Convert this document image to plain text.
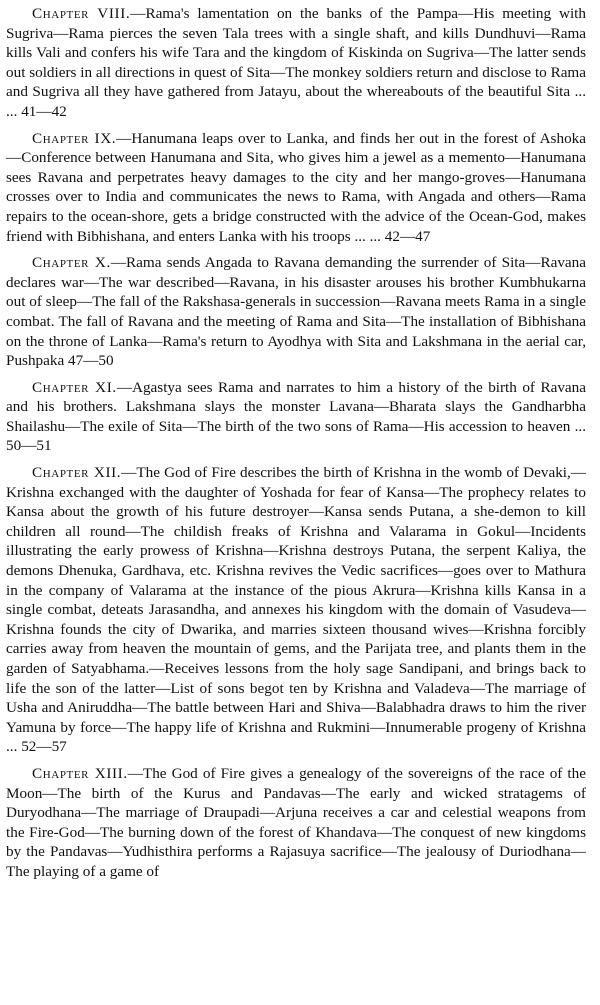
Chapter VIII.—Rama's lamentation on the banks of the Pampa—His meeting with Sugriva—Rama pierces the seven Tala trees with a single shaft, and kills Dundhuvi—Rama kills Vali and confers his wife Tara and the kingdom of Kiskinda on Sugriva—The latter sends out soldiers in all directions in quest of Sita—The monkey soldiers return and disclose to Rama and Sugriva all they have gathered from Jatayu, about the whereabouts of the beautiful Sita ... ... 41—42

Chapter IX.—Hanumana leaps over to Lanka, and finds her out in the forest of Ashoka—Conference between Hanumana and Sita, who gives him a jewel as a memento—Hanumana sees Ravana and perpetrates heavy damages to the city and her mango-groves—Hanumana crosses over to India and communicates the news to Rama, with Angada and others—Rama repairs to the ocean-shore, gets a bridge constructed with the advice of the Ocean-God, makes friend with Bibhishana, and enters Lanka with his troops ... ... 42—47

Chapter X.—Rama sends Angada to Ravana demanding the surrender of Sita—Ravana declares war—The war described—Ravana, in his disaster arouses his brother Kumbhukarna out of sleep—The fall of the Rakshasa-generals in succession—Ravana meets Rama in a single combat. The fall of Ravana and the meeting of Rama and Sita—The installation of Bibhishana on the throne of Lanka—Rama's return to Ayodhya with Sita and Lakshmana in the aerial car, Pushpaka 47—50

Chapter XI.—Agastya sees Rama and narrates to him a history of the birth of Ravana and his brothers. Lakshmana slays the monster Lavana—Bharata slays the Gandharbha Shailashu—The exile of Sita—The birth of the two sons of Rama—His accession to heaven ... 50—51

Chapter XII.—The God of Fire describes the birth of Krishna in the womb of Devaki,—Krishna exchanged with the daughter of Yoshada for fear of Kansa—The prophecy relates to Kansa about the growth of his future destroyer—Kansa sends Putana, a she-demon to kill children all round—The childish freaks of Krishna and Valarama in Gokul—Incidents illustrating the early prowess of Krishna—Krishna destroys Putana, the serpent Kaliya, the demons Dhenuka, Gardhava, etc. Krishna revives the Vedic sacrifices—goes over to Mathura in the company of Valarama at the instance of the pious Akrura—Krishna kills Kansa in a single combat, deteats Jarasandha, and annexes his kingdom with the domain of Vasudeva—Krishna founds the city of Dwarika, and marries sixteen thousand wives—Krishna forcibly carries away from heaven the mountain of gems, and the Parijata tree, and plants them in the garden of Satyabhama.—Receives lessons from the holy sage Sandipani, and brings back to life the son of the latter—List of sons begot ten by Krishna and Valadeva—The marriage of Usha and Aniruddha—The battle between Hari and Shiva—Balabhadra draws to him the river Yamuna by force—The happy life of Krishna and Rukmini—Innumerable progeny of Krishna ... 52—57

Chapter XIII.—The God of Fire gives a genealogy of the sovereigns of the race of the Moon—The birth of the Kurus and Pandavas—The early and wicked stratagems of Duryodhana—The marriage of Draupadi—Arjuna receives a car and celestial weapons from the Fire-God—The burning down of the forest of Khandava—The conquest of new kingdoms by the Pandavas—Yudhisthira performs a Rajasuya sacrifice—The jealousy of Duriodhana—The playing of a game of
